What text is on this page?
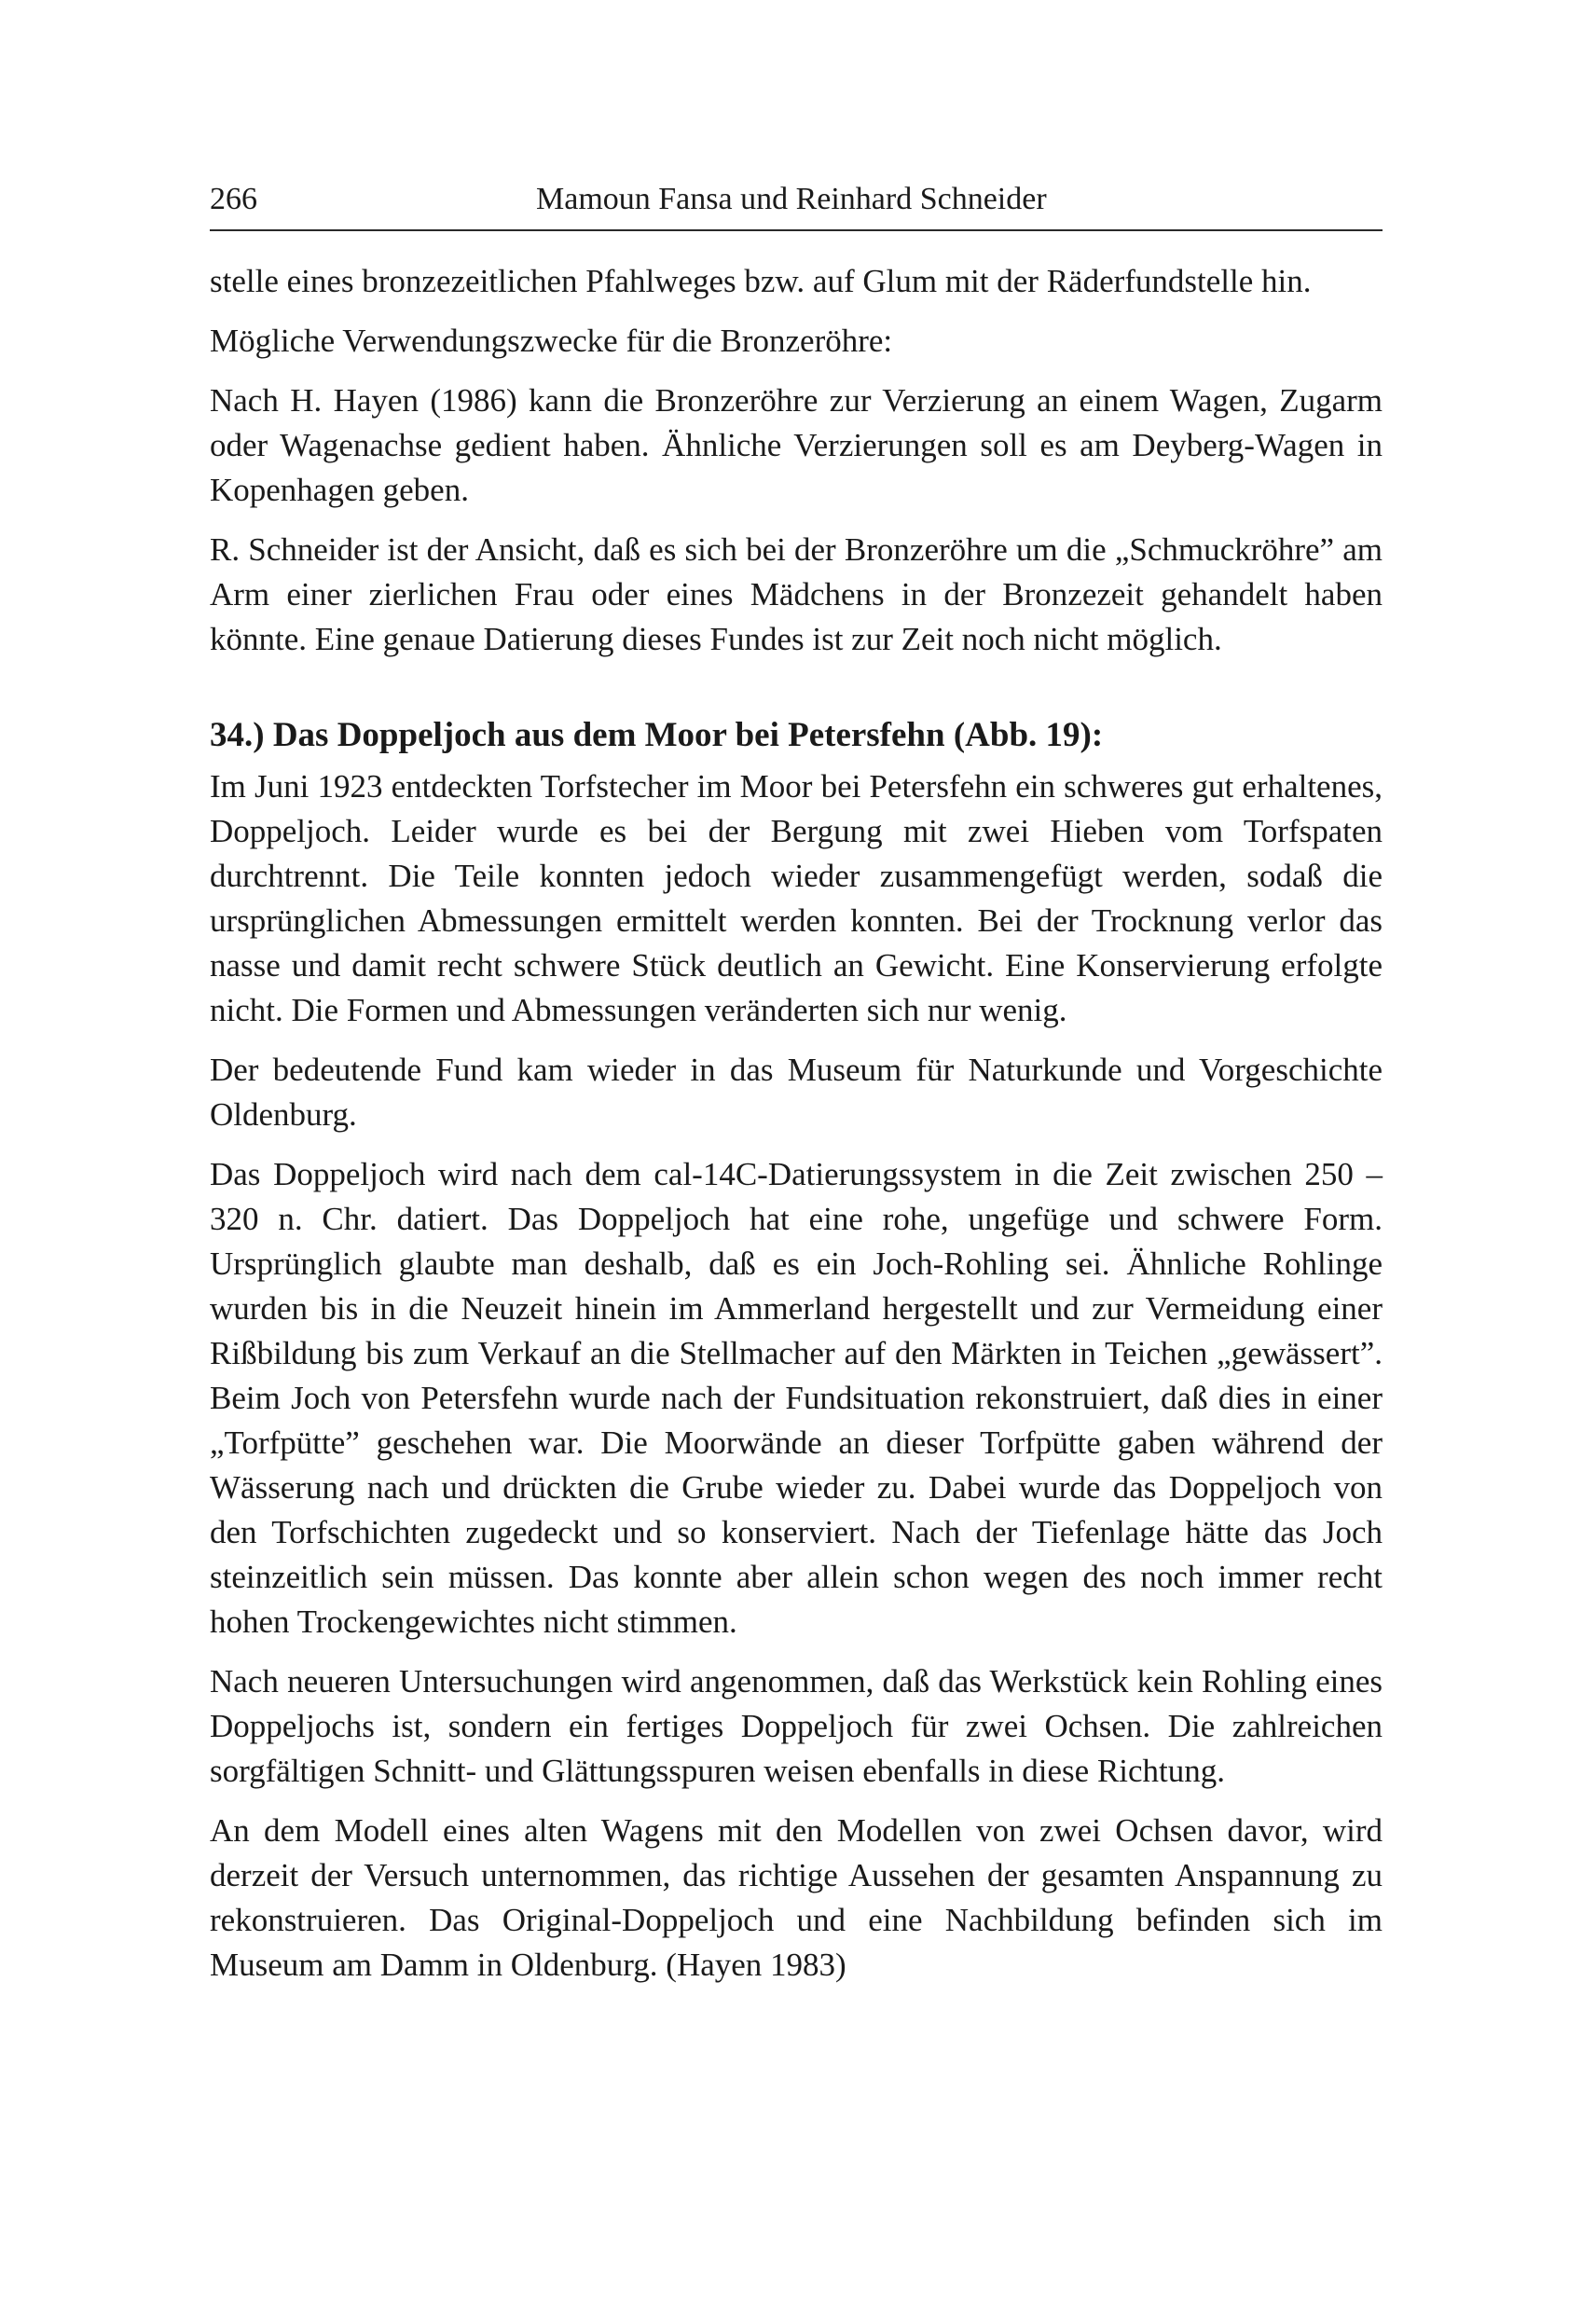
266	Mamoun Fansa und Reinhard Schneider

stelle eines bronzezeitlichen Pfahlweges bzw. auf Glum mit der Räderfundstelle hin.

Mögliche Verwendungszwecke für die Bronzeröhre:

Nach H. Hayen (1986) kann die Bronzeröhre zur Verzierung an einem Wagen, Zugarm oder Wagenachse gedient haben. Ähnliche Verzierungen soll es am Deyberg-Wagen in Kopenhagen geben.

R. Schneider ist der Ansicht, daß es sich bei der Bronzeröhre um die „Schmuckröhre” am Arm einer zierlichen Frau oder eines Mädchens in der Bronzezeit gehandelt haben könnte. Eine genaue Datierung dieses Fundes ist zur Zeit noch nicht möglich.

34.) Das Doppeljoch aus dem Moor bei Petersfehn (Abb. 19):

Im Juni 1923 entdeckten Torfstecher im Moor bei Petersfehn ein schweres gut erhaltenes, Doppeljoch. Leider wurde es bei der Bergung mit zwei Hieben vom Torfspaten durchtrennt. Die Teile konnten jedoch wieder zusammengefügt werden, sodaß die ursprünglichen Abmessungen ermittelt werden konnten. Bei der Trocknung verlor das nasse und damit recht schwere Stück deutlich an Gewicht. Eine Konservierung erfolgte nicht. Die Formen und Abmessungen veränderten sich nur wenig.

Der bedeutende Fund kam wieder in das Museum für Naturkunde und Vorgeschichte Oldenburg.

Das Doppeljoch wird nach dem cal-14C-Datierungssystem in die Zeit zwischen 250 – 320 n. Chr. datiert. Das Doppeljoch hat eine rohe, ungefüge und schwere Form. Ursprünglich glaubte man deshalb, daß es ein Joch-Rohling sei. Ähnliche Rohlinge wurden bis in die Neuzeit hinein im Ammerland hergestellt und zur Vermeidung einer Rißbildung bis zum Verkauf an die Stellmacher auf den Märkten in Teichen „gewässert”. Beim Joch von Petersfehn wurde nach der Fundsituation rekonstruiert, daß dies in einer „Torfpütte” geschehen war. Die Moorwände an dieser Torfpütte gaben während der Wässerung nach und drückten die Grube wieder zu. Dabei wurde das Doppeljoch von den Torfschichten zugedeckt und so konserviert. Nach der Tiefenlage hätte das Joch steinzeitlich sein müssen. Das konnte aber allein schon wegen des noch immer recht hohen Trockengewichtes nicht stimmen.

Nach neueren Untersuchungen wird angenommen, daß das Werkstück kein Rohling eines Doppeljochs ist, sondern ein fertiges Doppeljoch für zwei Ochsen. Die zahlreichen sorgfältigen Schnitt- und Glättungsspuren weisen ebenfalls in diese Richtung.

An dem Modell eines alten Wagens mit den Modellen von zwei Ochsen davor, wird derzeit der Versuch unternommen, das richtige Aussehen der gesamten Anspannung zu rekonstruieren. Das Original-Doppeljoch und eine Nachbildung befinden sich im Museum am Damm in Oldenburg. (Hayen 1983)
